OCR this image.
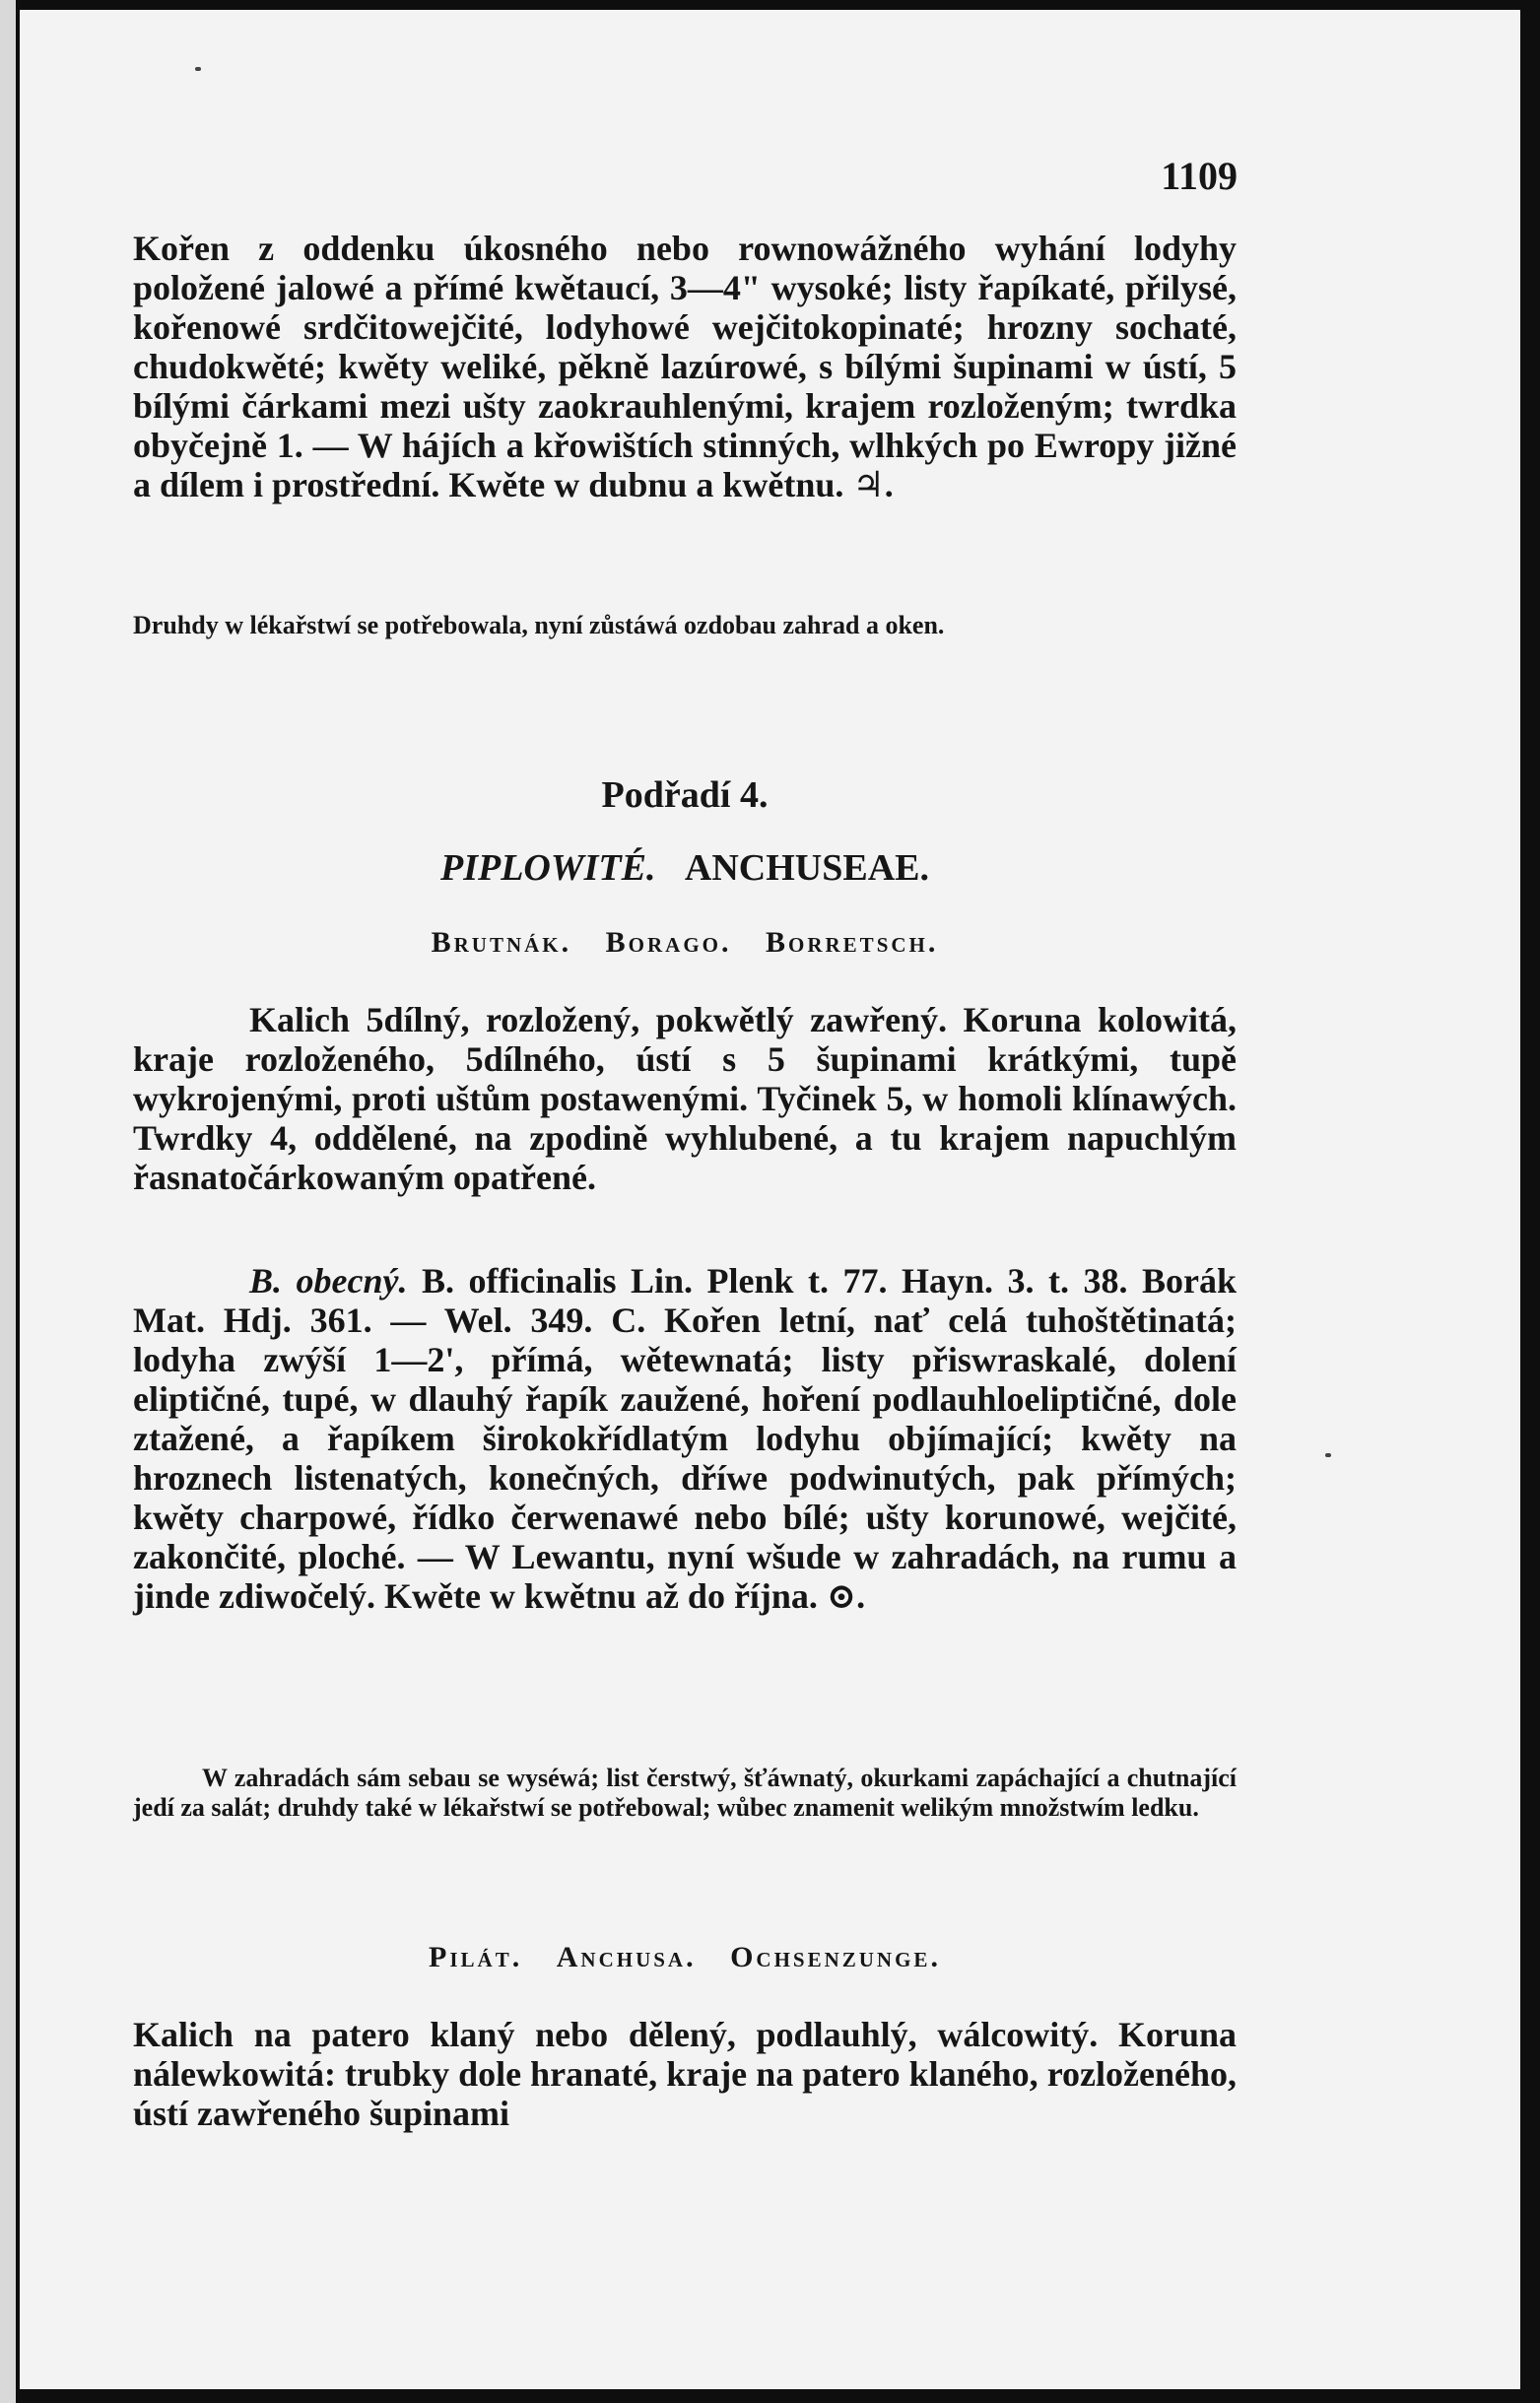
1109
Kořen z oddenku úkosného nebo rownowážného wyhání lodyhy položené jalowé a přímé kwětaucí, 3—4" wysoké; listy řapíkaté, přilysé, kořenowé srdčitowejčité, lodyhowé wejčitokopinaté; hrozny sochaté, chudokwěté; kwěty weliké, pěkně lazúrowé, s bílými šupinami w ústí, 5 bílými čárkami mezi ušty zaokrauhlenými, krajem rozloženým; twrdka obyčejně 1. — W hájích a křowištích stinných, wlhkých po Ewropy jižné a dílem i prostřední. Kwěte w dubnu a kwětnu. ♃.
Druhdy w lékařstwí se potřebowala, nyní zůstáwá ozdobau zahrad a oken.
Podřadí 4.
PIPLOWITÉ. ANCHUSEAE.
Brutnák. Borago. Borretsch.
Kalich 5dílný, rozložený, pokwětlý zawřený. Koruna kolowitá, kraje rozloženého, 5dílného, ústí s 5 šupinami krátkými, tupě wykrojenými, proti uštům postawenými. Tyčinek 5, w homoli klínawých. Twrdky 4, oddělené, na zpodině wyhlubené, a tu krajem napuchlým řasnatočárkowaným opatřené.
B. obecný. B. officinalis Lin. Plenk t. 77. Hayn. 3. t. 38. Borák Mat. Hdj. 361. — Wel. 349. C. Kořen letní, nať celá tuhoštětinatá; lodyha zwýší 1—2', přímá, wětewnatá; listy přiswraskalé, dolení eliptičné, tupé, w dlauhý řapík zaužené, hoření podlauhloeliptičné, dole ztažené, a řapíkem širokokřídlatým lodyhu objímající; kwěty na hroznech listenatých, konečných, dříwe podwinutých, pak přímých; kwěty charpowé, řídko čerwenawé nebo bílé; ušty korunowé, wejčité, zakončité, ploché. — W Lewantu, nyní wšude w zahradách, na rumu a jinde zdiwočelý. Kwěte w kwětnu až do října. ⊙.
W zahradách sám sebau se wyséwá; list čerstwý, šťáwnatý, okurkami zapáchající a chutnající jedí za salát; druhdy také w lékařstwí se potřebowal; wůbec znamenit welikým množstwím ledku.
Pilát. Anchusa. Ochsenzunge.
Kalich na patero klaný nebo dělený, podlauhlý, wálcowitý. Koruna nálewkowitá: trubky dole hranaté, kraje na patero klaného, rozloženého, ústí zawřeného šupinami
